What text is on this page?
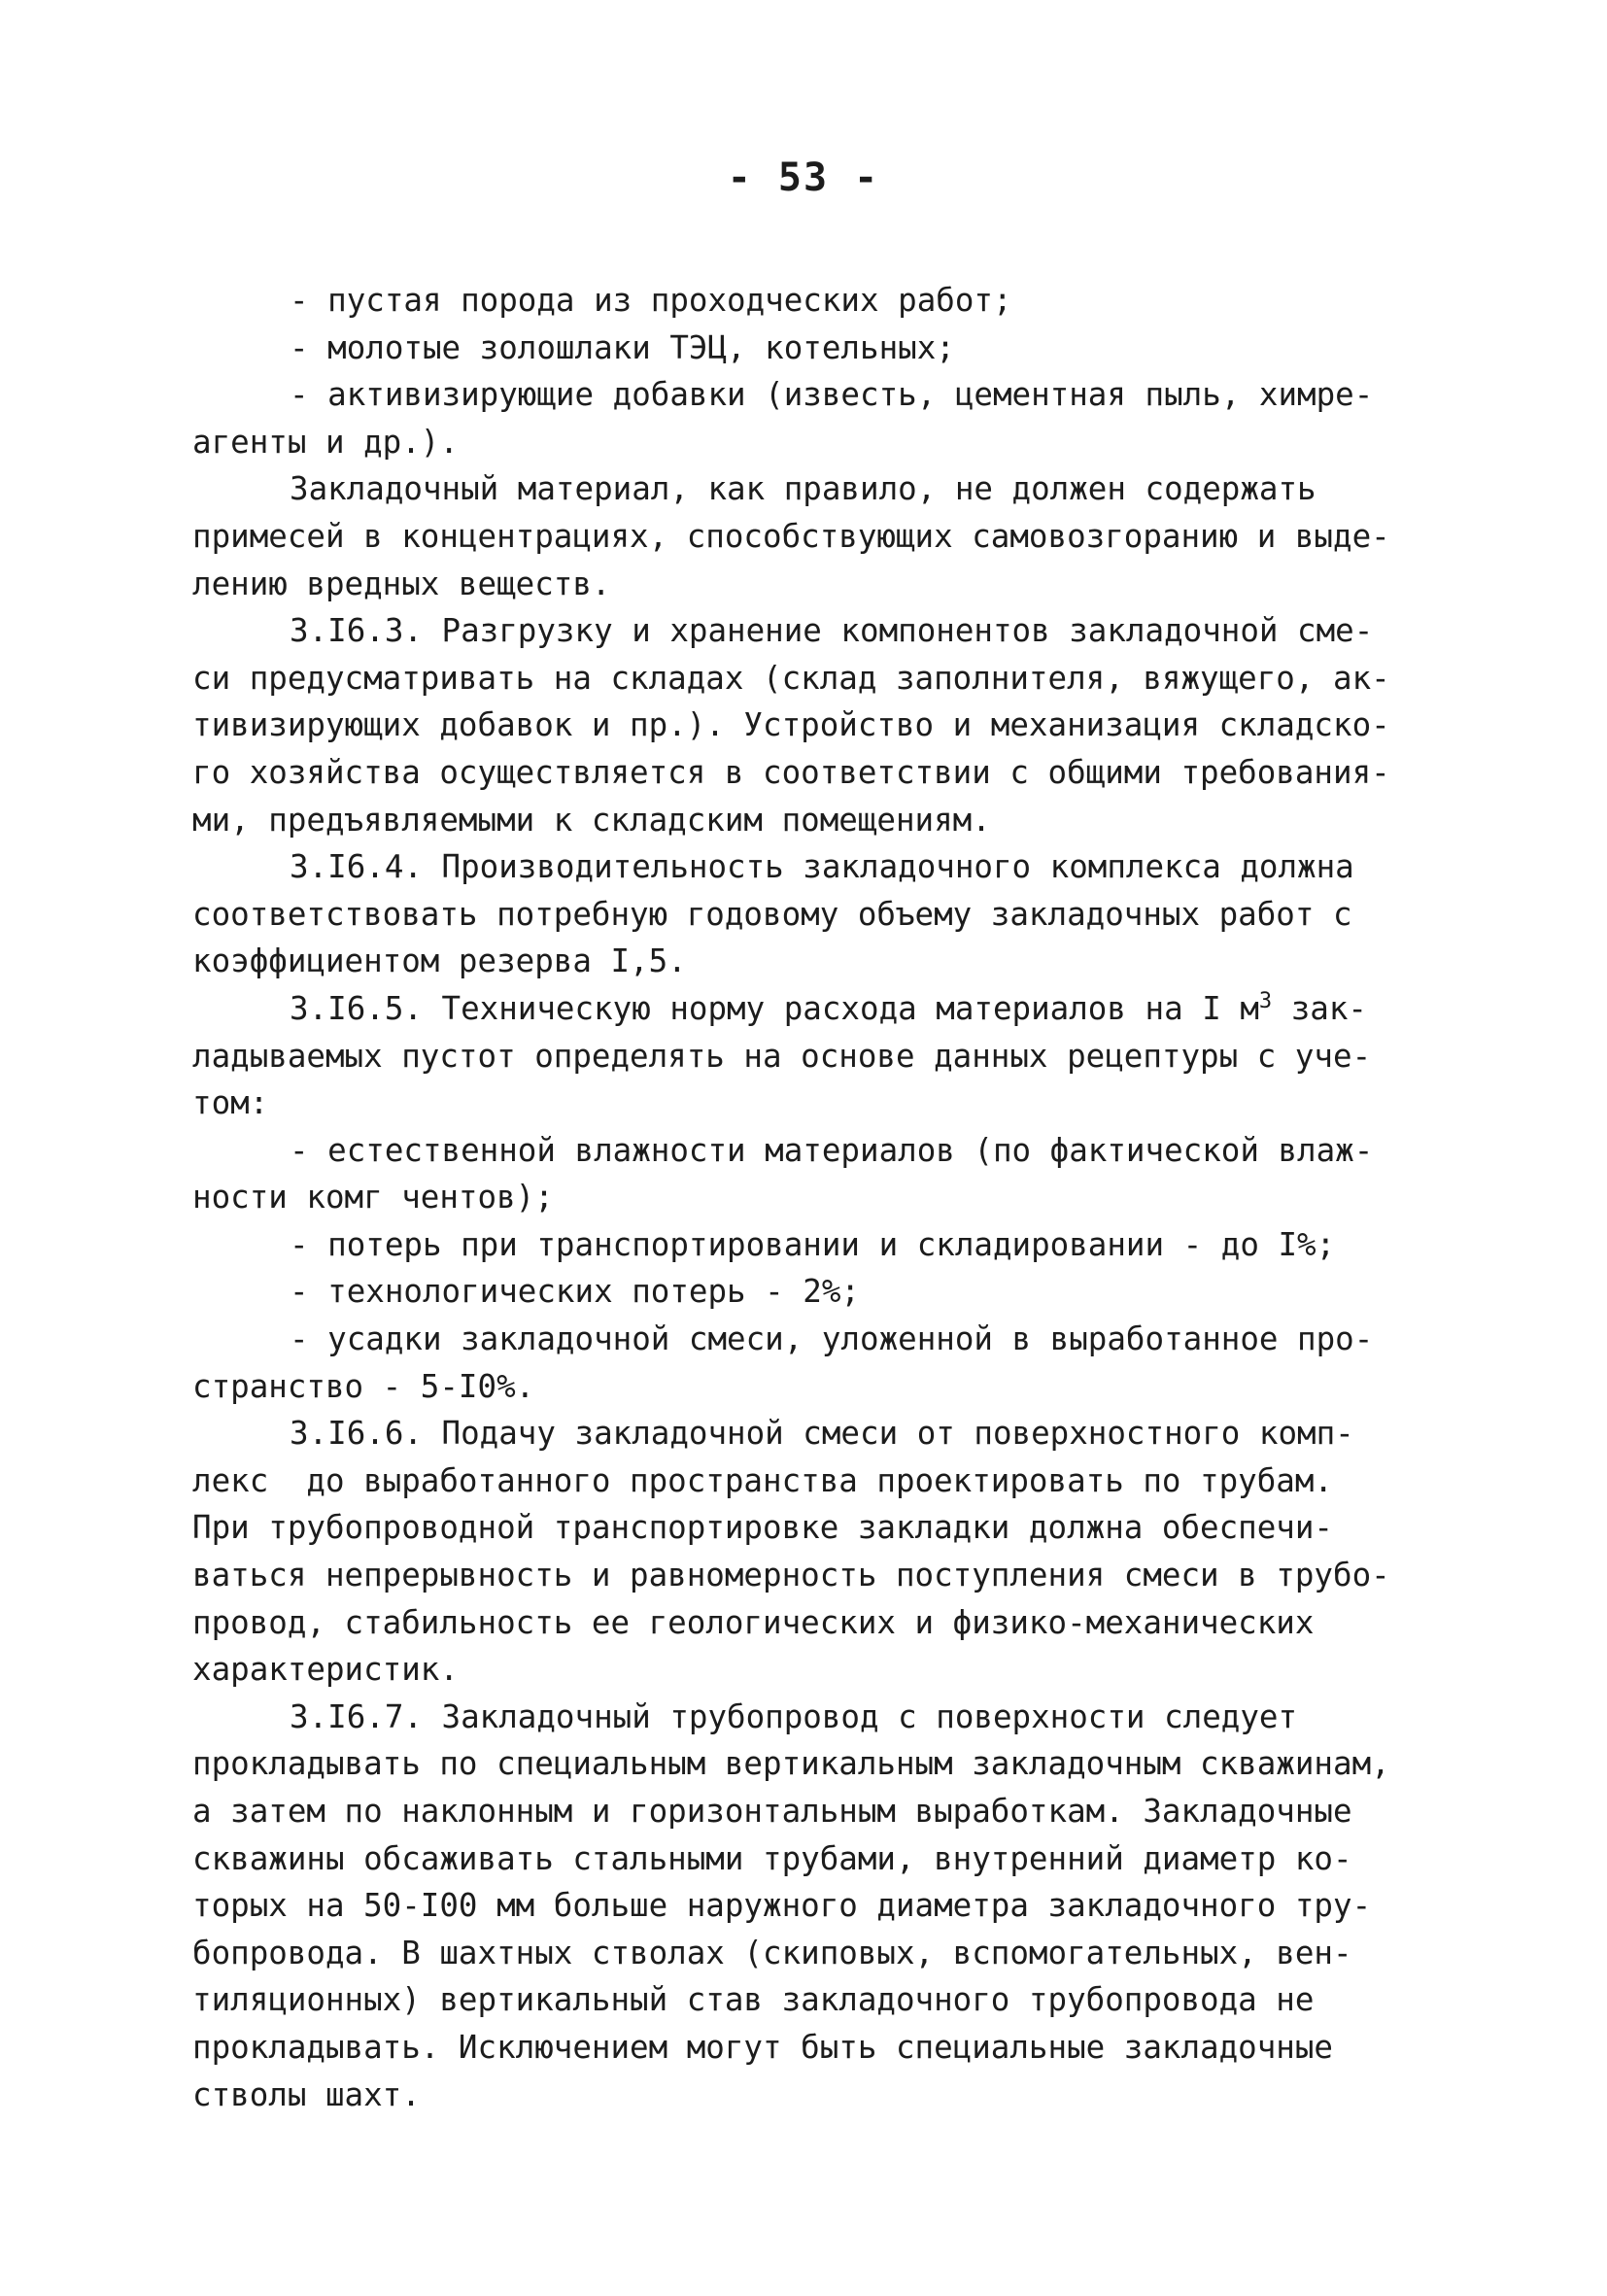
- 53 -
- пустая порода из проходческих работ;
- молотые золошлаки ТЭЦ, котельных;
- активизирующие добавки (известь, цементная пыль, химре-
агенты и др.).
Закладочный материал, как правило, не должен содержать
примесей в концентрациях, способствующих самовозгоранию и выде-
лению вредных веществ.
3.I6.3. Разгрузку и хранение компонентов закладочной сме-
си предусматривать на складах (склад заполнителя, вяжущего, ак-
тивизирующих добавок и пр.). Устройство и механизация складско-
го хозяйства осуществляется в соответствии с общими требования-
ми, предъявляемыми к складским помещениям.
3.I6.4. Производительность закладочного комплекса должна
соответствовать потребную годовому объему закладочных работ с
коэффициентом резерва I,5.
3.I6.5. Техническую норму расхода материалов на I $м^3$ зак-
ладываемых пустот определять на основе данных рецептуры с уче-
том:
- естественной влажности материалов (по фактической влаж-
ности комг чентов);
- потерь при транспортировании и складировании - до I%;
- технологических потерь - 2%;
- усадки закладочной смеси, уложенной в выработанное про-
странство - 5-I0%.
3.I6.6. Подачу закладочной смеси от поверхностного комп-
лекс  до выработанного пространства проектировать по трубам.
При трубопроводной транспортировке закладки должна обеспечи-
ваться непрерывность и равномерность поступления смеси в трубо-
провод, стабильность ее геологических и физико-механических
характеристик.
3.I6.7. Закладочный трубопровод с поверхности следует
прокладывать по специальным вертикальным закладочным скважинам,
а затем по наклонным и горизонтальным выработкам. Закладочные
скважины обсаживать стальными трубами, внутренний диаметр ко-
торых на 50-I00 мм больше наружного диаметра закладочного тру-
бопровода. В шахтных стволах (скиповых, вспомогательных, вен-
тиляционных) вертикальный став закладочного трубопровода не
прокладывать. Исключением могут быть специальные закладочные
стволы шахт.
